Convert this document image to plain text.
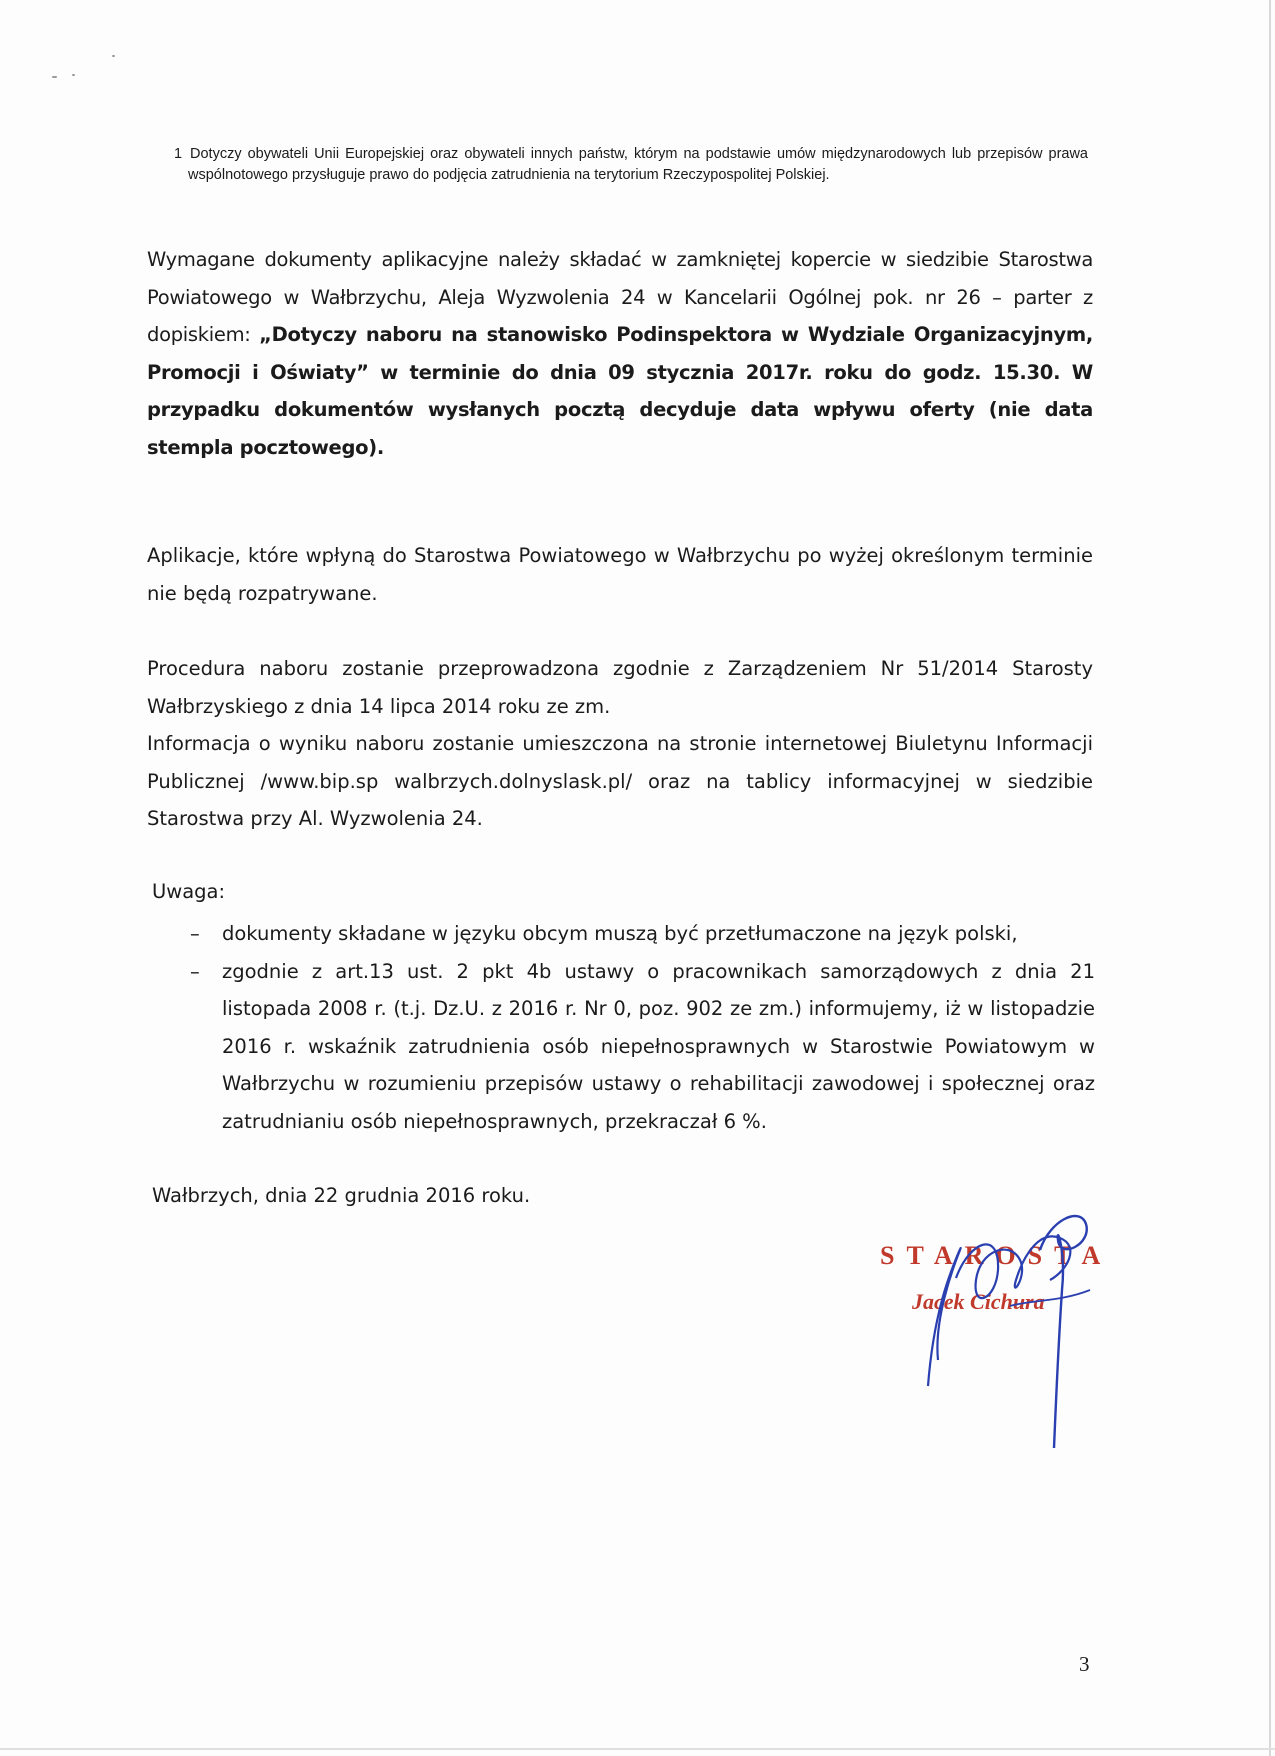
1 Dotyczy obywateli Unii Europejskiej oraz obywateli innych państw, którym na podstawie umów międzynarodowych lub przepisów prawa wspólnotowego przysługuje prawo do podjęcia zatrudnienia na terytorium Rzeczypospolitej Polskiej.
Wymagane dokumenty aplikacyjne należy składać w zamkniętej kopercie w siedzibie Starostwa Powiatowego w Wałbrzychu, Aleja Wyzwolenia 24 w Kancelarii Ogólnej pok. nr 26 – parter z dopiskiem: „Dotyczy naboru na stanowisko Podinspektora w Wydziale Organizacyjnym, Promocji i Oświaty” w terminie do dnia 09 stycznia 2017r. roku do godz. 15.30. W przypadku dokumentów wysłanych pocztą decyduje data wpływu oferty (nie data stempla pocztowego).
Aplikacje, które wpłyną do Starostwa Powiatowego w Wałbrzychu po wyżej określonym terminie nie będą rozpatrywane.
Procedura naboru zostanie przeprowadzona zgodnie z Zarządzeniem Nr 51/2014 Starosty Wałbrzyskiego z dnia 14 lipca 2014 roku ze zm.
Informacja o wyniku naboru zostanie umieszczona na stronie internetowej Biuletynu Informacji Publicznej /www.bip.sp walbrzych.dolnyslask.pl/ oraz na tablicy informacyjnej w siedzibie Starostwa przy Al. Wyzwolenia 24.
Uwaga:
– dokumenty składane w języku obcym muszą być przetłumaczone na język polski,
– zgodnie z art.13 ust. 2 pkt 4b ustawy o pracownikach samorządowych z dnia 21 listopada 2008 r. (t.j. Dz.U. z 2016 r. Nr 0, poz. 902 ze zm.) informujemy, iż w listopadzie 2016 r. wskaźnik zatrudnienia osób niepełnosprawnych w Starostwie Powiatowym w Wałbrzychu w rozumieniu przepisów ustawy o rehabilitacji zawodowej i społecznej oraz zatrudnianiu osób niepełnosprawnych, przekraczał 6 %.
Wałbrzych, dnia 22 grudnia 2016 roku.
STAROSTA
Jacek Cichura
3
